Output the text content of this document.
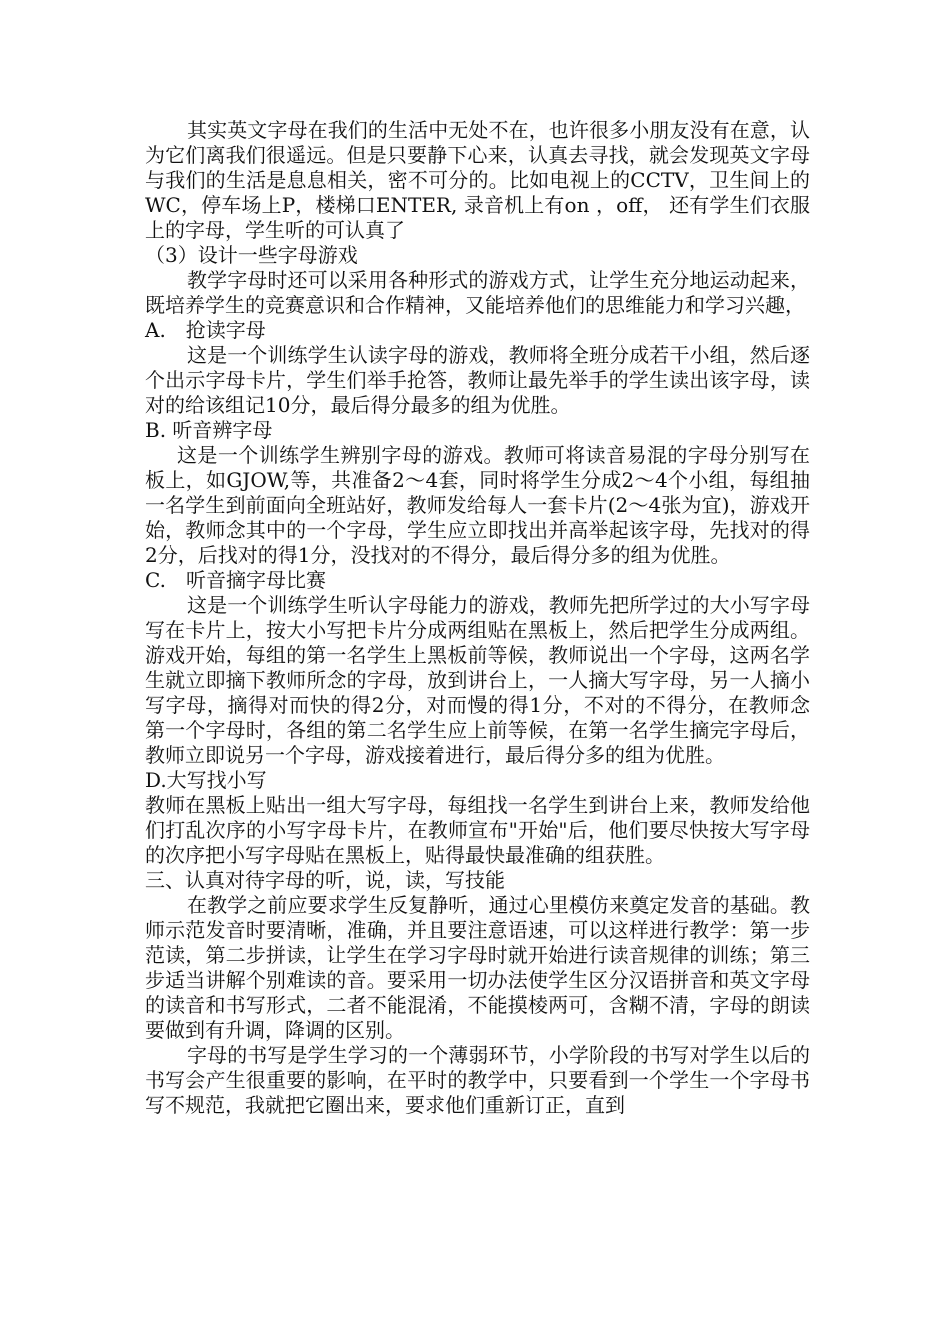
其实英文字母在我们的生活中无处不在，也许很多小朋友没有在意，认为它们离我们很遥远。但是只要静下心来，认真去寻找，就会发现英文字母与我们的生活是息息相关，密不可分的。比如电视上的CCTV，卫生间上的WC，停车场上P，楼梯口ENTER, 录音机上有on ，off， 还有学生们衣服上的字母，学生听的可认真了

（3）设计一些字母游戏

教学字母时还可以采用各种形式的游戏方式，让学生充分地运动起来，既培养学生的竞赛意识和合作精神，又能培养他们的思维能力和学习兴趣，

A.　抢读字母

这是一个训练学生认读字母的游戏，教师将全班分成若干小组，然后逐个出示字母卡片，学生们举手抢答，教师让最先举手的学生读出该字母，读对的给该组记10分，最后得分最多的组为优胜。

B. 听音辨字母

这是一个训练学生辨别字母的游戏。教师可将读音易混的字母分别写在板上，如GJOW,等，共准备2～4套，同时将学生分成2～4个小组，每组抽一名学生到前面向全班站好，教师发给每人一套卡片(2～4张为宜)，游戏开始，教师念其中的一个字母，学生应立即找出并高举起该字母，先找对的得2分，后找对的得1分，没找对的不得分，最后得分多的组为优胜。

C.　听音摘字母比赛

这是一个训练学生听认字母能力的游戏，教师先把所学过的大小写字母写在卡片上，按大小写把卡片分成两组贴在黑板上，然后把学生分成两组。游戏开始，每组的第一名学生上黑板前等候，教师说出一个字母，这两名学生就立即摘下教师所念的字母，放到讲台上，一人摘大写字母，另一人摘小写字母，摘得对而快的得2分，对而慢的得1分，不对的不得分，在教师念第一个字母时，各组的第二名学生应上前等候，在第一名学生摘完字母后，教师立即说另一个字母，游戏接着进行，最后得分多的组为优胜。

D.大写找小写

教师在黑板上贴出一组大写字母，每组找一名学生到讲台上来，教师发给他们打乱次序的小写字母卡片，在教师宣布"开始"后，他们要尽快按大写字母的次序把小写字母贴在黑板上，贴得最快最准确的组获胜。

三、认真对待字母的听，说，读，写技能

在教学之前应要求学生反复静听，通过心里模仿来奠定发音的基础。教师示范发音时要清晰，准确，并且要注意语速，可以这样进行教学：第一步范读，第二步拼读，让学生在学习字母时就开始进行读音规律的训练；第三步适当讲解个别难读的音。要采用一切办法使学生区分汉语拼音和英文字母的读音和书写形式，二者不能混淆，不能摸棱两可，含糊不清，字母的朗读要做到有升调，降调的区别。

字母的书写是学生学习的一个薄弱环节，小学阶段的书写对学生以后的书写会产生很重要的影响，在平时的教学中，只要看到一个学生一个字母书写不规范，我就把它圈出来，要求他们重新订正，直到
